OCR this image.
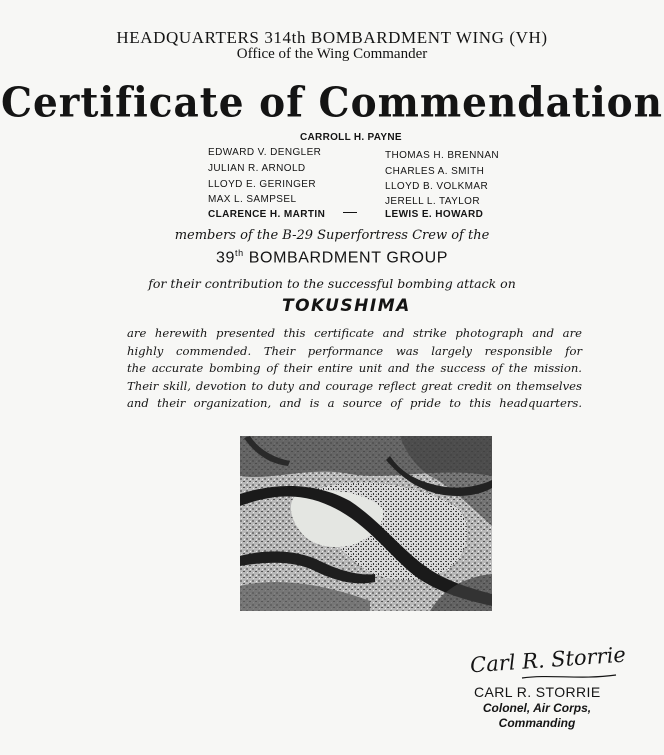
HEADQUARTERS 314th BOMBARDMENT WING (VH)
Office of the Wing Commander
Certificate of Commendation
CARROLL H. PAYNE
EDWARD V. DENGLER
JULIAN R. ARNOLD
LLOYD E. GERINGER
MAX L. SAMPSEL
CLARENCE H. MARTIN
THOMAS H. BRENNAN
CHARLES A. SMITH
LLOYD B. VOLKMAR
JERELL L. TAYLOR
LEWIS E. HOWARD
members of the B-29 Superfortress Crew of the
39th BOMBARDMENT GROUP
for their contribution to the successful bombing attack on
TOKUSHIMA
are herewith presented this certificate and strike photograph and are
highly commended. Their performance was largely responsible for
the accurate bombing of their entire unit and the success of the mission.
Their skill, devotion to duty and courage reflect great credit on themselves
and their organization, and is a source of pride to this headquarters.
Carl R. Storrie
CARL R. STORRIE
Colonel, Air Corps,
Commanding
